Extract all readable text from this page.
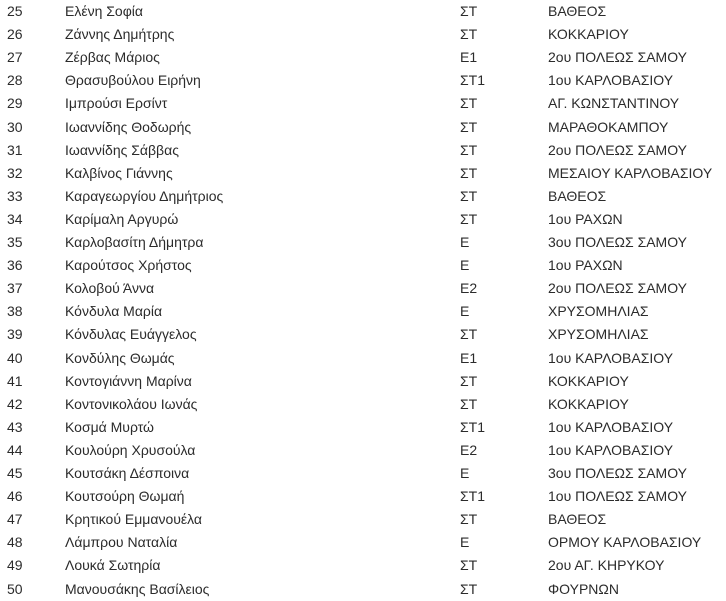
25	Ελένη Σοφία	ΣΤ	ΒΑΘΕΟΣ
26	Ζάννης Δημήτρης	ΣΤ	ΚΟΚΚΑΡΙΟΥ
27	Ζέρβας Μάριος	Ε1	2ου ΠΟΛΕΩΣ ΣΑΜΟΥ
28	Θρασυβούλου Ειρήνη	ΣΤ1	1ου ΚΑΡΛΟΒΑΣΙΟΥ
29	Ιμπρούσι Ερσίντ	ΣΤ	ΑΓ. ΚΩΝΣΤΑΝΤΙΝΟΥ
30	Ιωαννίδης Θοδωρής	ΣΤ	ΜΑΡΑΘΟΚΑΜΠΟΥ
31	Ιωαννίδης Σάββας	ΣΤ	2ου ΠΟΛΕΩΣ ΣΑΜΟΥ
32	Καλβίνος Γιάννης	ΣΤ	ΜΕΣΑΙΟΥ ΚΑΡΛΟΒΑΣΙΟΥ
33	Καραγεωργίου Δημήτριος	ΣΤ	ΒΑΘΕΟΣ
34	Καρίμαλη Αργυρώ	ΣΤ	1ου ΡΑΧΩΝ
35	Καρλοβασίτη Δήμητρα	Ε	3ου ΠΟΛΕΩΣ ΣΑΜΟΥ
36	Καρούτσος Χρήστος	Ε	1ου ΡΑΧΩΝ
37	Κολοβού Άννα	Ε2	2ου ΠΟΛΕΩΣ ΣΑΜΟΥ
38	Κόνδυλα Μαρία	Ε	ΧΡΥΣΟΜΗΛΙΑΣ
39	Κόνδυλας Ευάγγελος	ΣΤ	ΧΡΥΣΟΜΗΛΙΑΣ
40	Κονδύλης Θωμάς	Ε1	1ου ΚΑΡΛΟΒΑΣΙΟΥ
41	Κοντογιάννη Μαρίνα	ΣΤ	ΚΟΚΚΑΡΙΟΥ
42	Κοντονικολάου Ιωνάς	ΣΤ	ΚΟΚΚΑΡΙΟΥ
43	Κοσμά Μυρτώ	ΣΤ1	1ου ΚΑΡΛΟΒΑΣΙΟΥ
44	Κουλούρη Χρυσούλα	Ε2	1ου ΚΑΡΛΟΒΑΣΙΟΥ
45	Κουτσάκη Δέσποινα	Ε	3ου ΠΟΛΕΩΣ ΣΑΜΟΥ
46	Κουτσούρη Θωμαή	ΣΤ1	1ου ΠΟΛΕΩΣ ΣΑΜΟΥ
47	Κρητικού Εμμανουέλα	ΣΤ	ΒΑΘΕΟΣ
48	Λάμπρου Ναταλία	Ε	ΟΡΜΟΥ ΚΑΡΛΟΒΑΣΙΟΥ
49	Λουκά Σωτηρία	ΣΤ	2ου ΑΓ. ΚΗΡΥΚΟΥ
50	Μανουσάκης Βασίλειος	ΣΤ	ΦΟΥΡΝΩΝ
